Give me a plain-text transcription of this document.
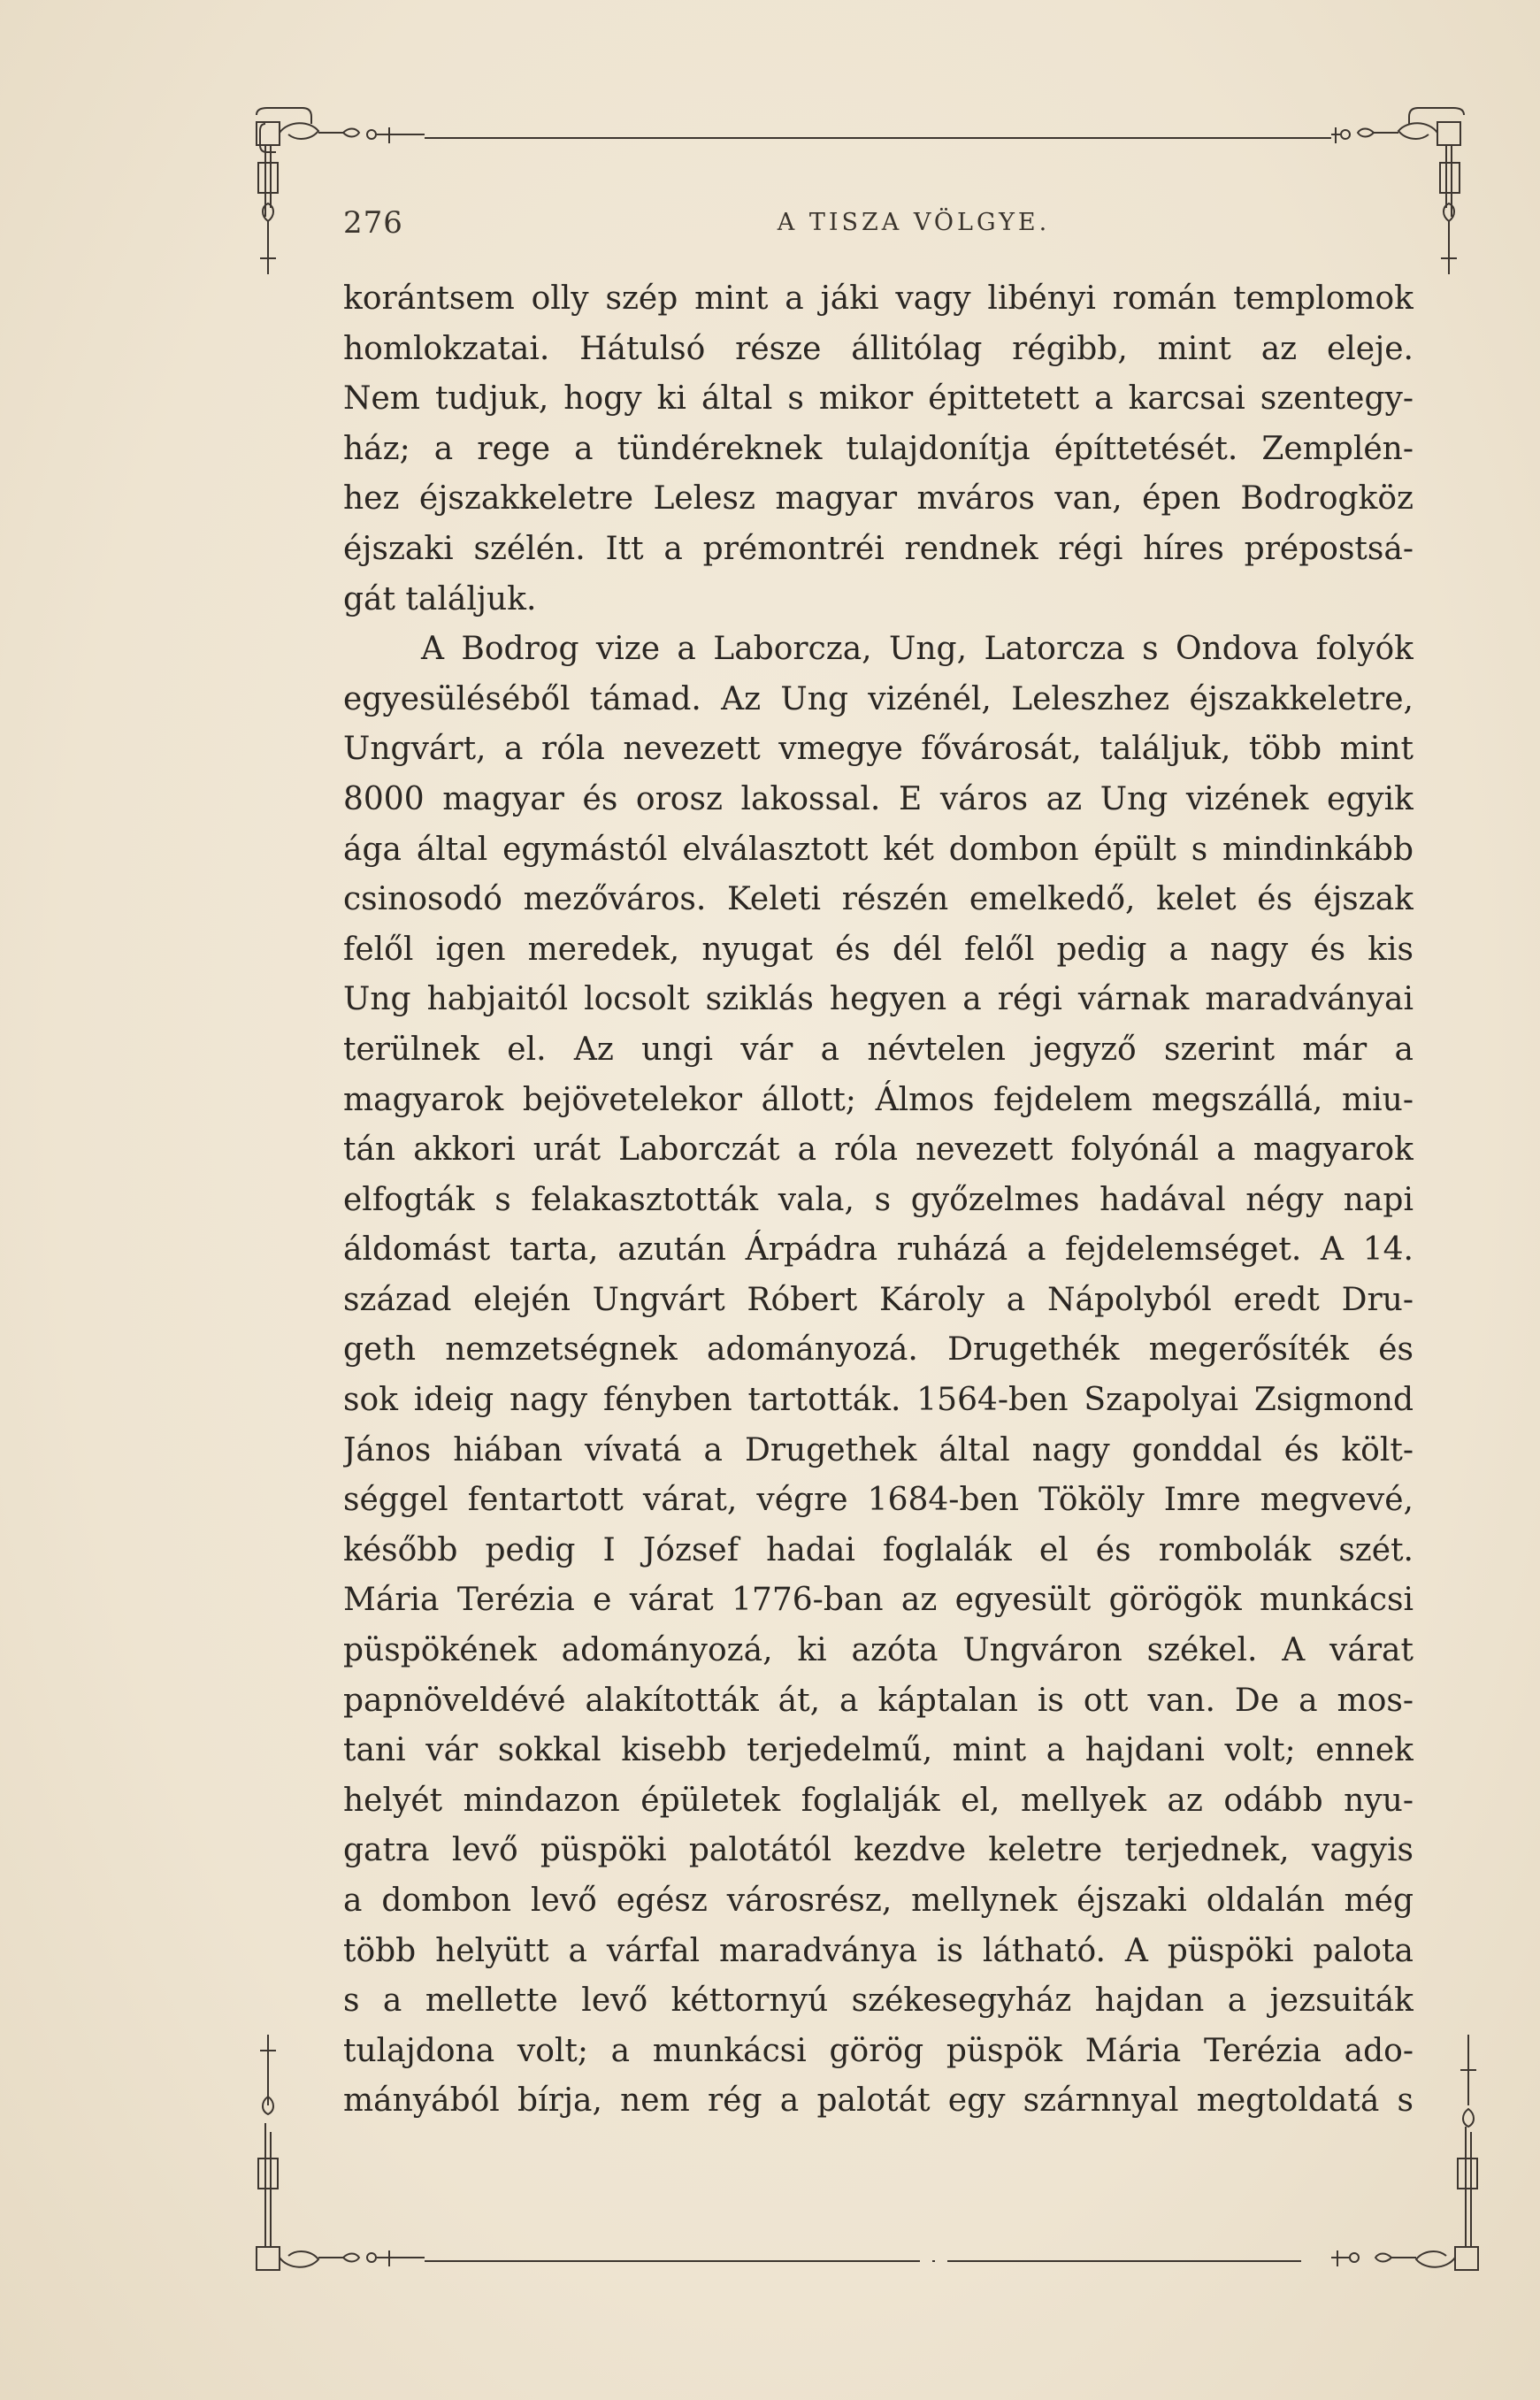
276	A TISZA VÖLGYE.
korántsem olly szép mint a jáki vagy libényi román templomok
homlokzatai. Hátulsó része állitólag régibb, mint az eleje.
Nem tudjuk, hogy ki által s mikor épittetett a karcsai szentegy-
ház; a rege a tündéreknek tulajdonítja építtetését. Zemplén-
hez éjszakkeletre Lelesz magyar mváros van, épen Bodrogköz
éjszaki szélén. Itt a prémontréi rendnek régi híres prépostsá-
gát találjuk.
A Bodrog vize a Laborcza, Ung, Latorcza s Ondova folyók
egyesüléséből támad. Az Ung vizénél, Leleszhez éjszakkeletre,
Ungvárt, a róla nevezett vmegye fővárosát, találjuk, több mint
8000 magyar és orosz lakossal. E város az Ung vizének egyik
ága által egymástól elválasztott két dombon épült s mindinkább
csinosodó mezőváros. Keleti részén emelkedő, kelet és éjszak
felől igen meredek, nyugat és dél felől pedig a nagy és kis
Ung habjaitól locsolt sziklás hegyen a régi várnak maradványai
terülnek el. Az ungi vár a névtelen jegyző szerint már a
magyarok bejövetelekor állott; Álmos fejdelem megszállá, miu-
tán akkori urát Laborczát a róla nevezett folyónál a magyarok
elfogták s felakasztották vala, s győzelmes hadával négy napi
áldomást tarta, azután Árpádra ruházá a fejdelemséget. A 14.
század elején Ungvárt Róbert Károly a Nápolyból eredt Dru-
geth nemzetségnek adományozá. Drugethék megerősíték és
sok ideig nagy fényben tartották. 1564-ben Szapolyai Zsigmond
János hiában vívatá a Drugethek által nagy gonddal és költ-
séggel fentartott várat, végre 1684-ben Tököly Imre megvevé,
később pedig I József hadai foglalák el és rombolák szét.
Mária Terézia e várat 1776-ban az egyesült görögök munkácsi
püspökének adományozá, ki azóta Ungváron székel. A várat
papnöveldévé alakították át, a káptalan is ott van. De a mos-
tani vár sokkal kisebb terjedelmű, mint a hajdani volt; ennek
helyét mindazon épületek foglalják el, mellyek az odább nyu-
gatra levő püspöki palotától kezdve keletre terjednek, vagyis
a dombon levő egész városrész, mellynek éjszaki oldalán még
több helyütt a várfal maradványa is látható. A püspöki palota
s a mellette levő kéttornyú székesegyház hajdan a jezsuiták
tulajdona volt; a munkácsi görög püspök Mária Terézia ado-
mányából bírja, nem rég a palotát egy szárnnyal megtoldatá s
